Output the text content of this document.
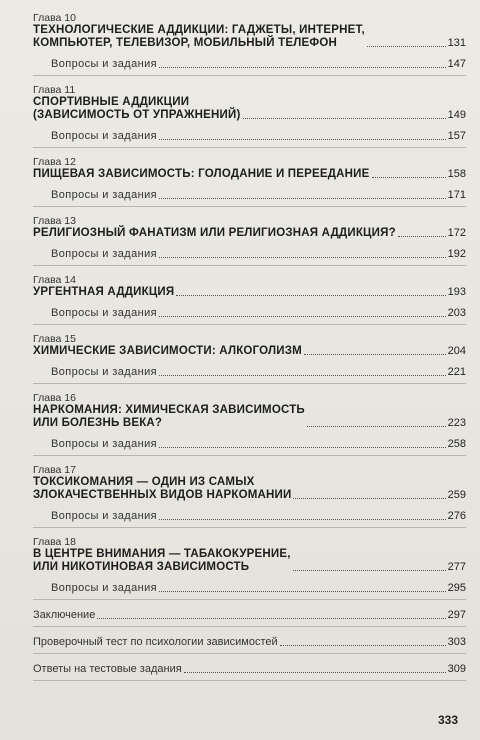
Глава 10
ТЕХНОЛОГИЧЕСКИЕ АДДИКЦИИ: ГАДЖЕТЫ, ИНТЕРНЕТ,
КОМПЬЮТЕР, ТЕЛЕВИЗОР, МОБИЛЬНЫЙ ТЕЛЕФОН	131
Вопросы и задания	147
Глава 11
СПОРТИВНЫЕ АДДИКЦИИ
(ЗАВИСИМОСТЬ ОТ УПРАЖНЕНИЙ)	149
Вопросы и задания	157
Глава 12
ПИЩЕВАЯ ЗАВИСИМОСТЬ: ГОЛОДАНИЕ И ПЕРЕЕДАНИЕ	158
Вопросы и задания	171
Глава 13
РЕЛИГИОЗНЫЙ ФАНАТИЗМ ИЛИ РЕЛИГИОЗНАЯ АДДИКЦИЯ?	172
Вопросы и задания	192
Глава 14
УРГЕНТНАЯ АДДИКЦИЯ	193
Вопросы и задания	203
Глава 15
ХИМИЧЕСКИЕ ЗАВИСИМОСТИ: АЛКОГОЛИЗМ	204
Вопросы и задания	221
Глава 16
НАРКОМАНИЯ: ХИМИЧЕСКАЯ ЗАВИСИМОСТЬ
ИЛИ БОЛЕЗНЬ ВЕКА?	223
Вопросы и задания	258
Глава 17
ТОКСИКОМАНИЯ — ОДИН ИЗ САМЫХ
ЗЛОКАЧЕСТВЕННЫХ ВИДОВ НАРКОМАНИИ	259
Вопросы и задания	276
Глава 18
В ЦЕНТРЕ ВНИМАНИЯ — ТАБАКОКУРЕНИЕ,
ИЛИ НИКОТИНОВАЯ ЗАВИСИМОСТЬ	277
Вопросы и задания	295
Заключение	297
Проверочный тест по психологии зависимостей	303
Ответы на тестовые задания	309
333
